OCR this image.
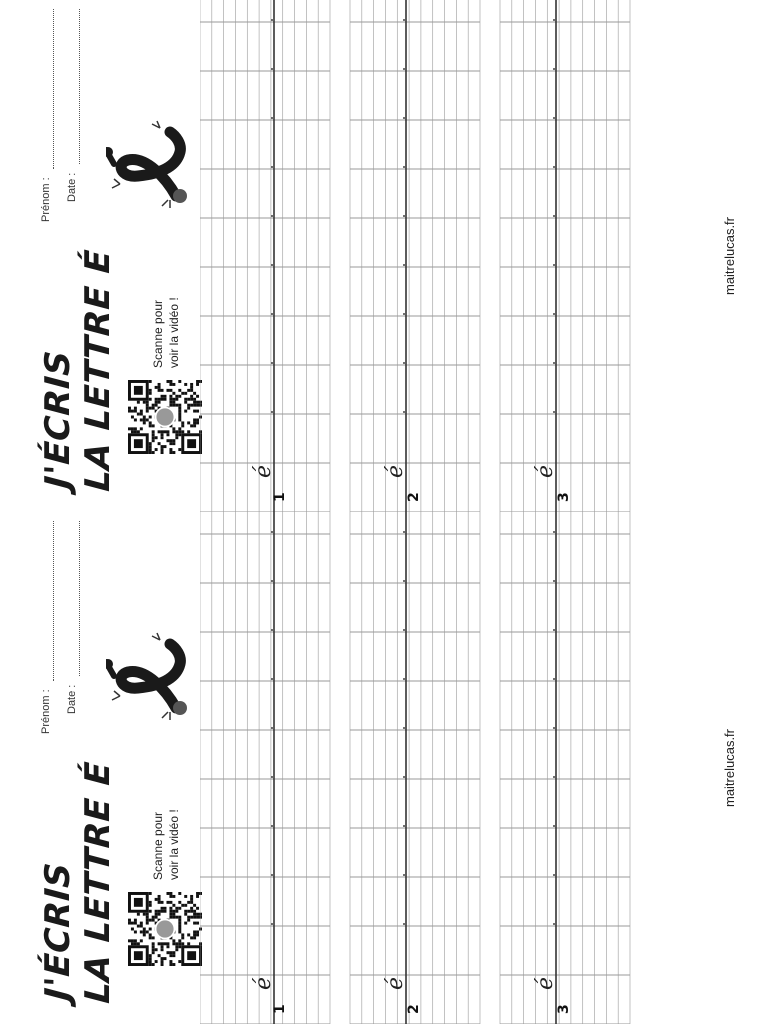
J'ÉCRIS LA LETTRE É
Prénom : Date :
Scanne pour voir la vidéo !
é	é	é
1	2	3
maitrelucas.fr
J'ÉCRIS LA LETTRE É
Prénom : Date :
Scanne pour voir la vidéo !
é	é	é
1	2	3
maitrelucas.fr
